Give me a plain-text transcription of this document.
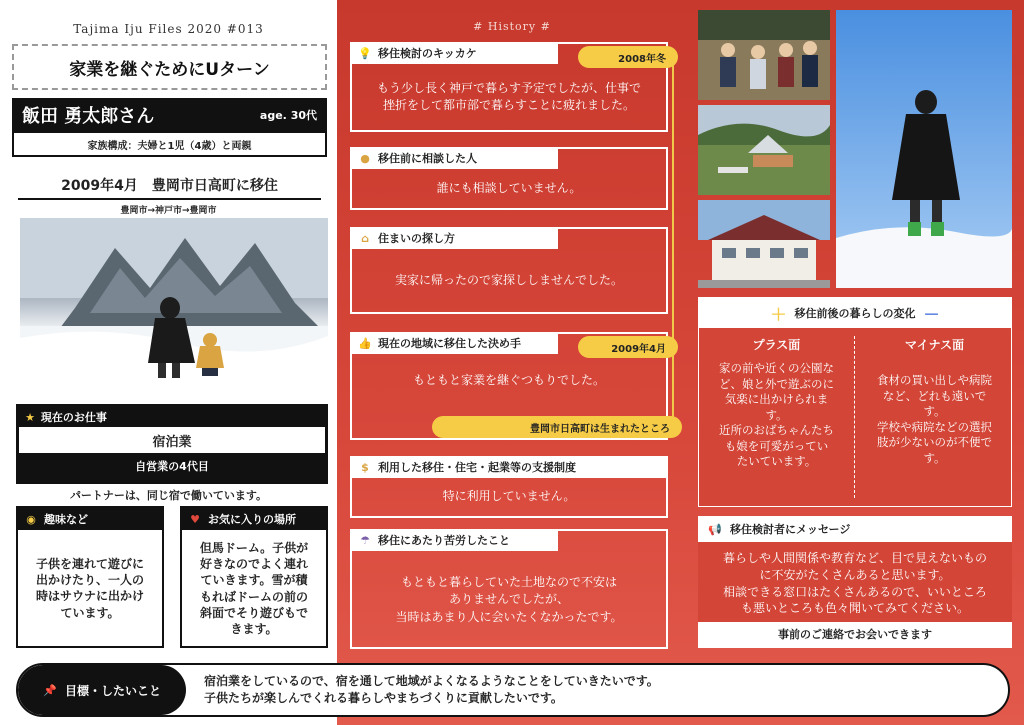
Tajima Iju Files 2020 #013
家業を継ぐためにUターン
飯田 勇太郎さん	age. 30代
家族構成：夫婦と1児（4歳）と両親
2009年4月　豊岡市日高町に移住
豊岡市→神戸市→豊岡市
★ 現在のお仕事
宿泊業
自営業の4代目
パートナーは、同じ宿で働いています。
◉ 趣味など
子供を連れて遊びに
出かけたり、一人の
時はサウナに出かけ
ています。
♥ お気に入りの場所
但馬ドーム。子供が
好きなのでよく連れ
ていきます。雪が積
もればドームの前の
斜面でそり遊びもで
きます。
# History #
💡 移住検討のキッカケ
もう少し長く神戸で暮らす予定でしたが、仕事で
挫折をして都市部で暮らすことに疲れました。
● 移住前に相談した人
誰にも相談していません。
⌂ 住まいの探し方
実家に帰ったので家探ししませんでした。
👍 現在の地域に移住した決め手
もともと家業を継ぐつもりでした。
$ 利用した移住・住宅・起業等の支援制度
特に利用していません。
☂ 移住にあたり苦労したこと
もともと暮らしていた土地なので不安は
ありませんでしたが、
当時はあまり人に会いたくなかったです。
2008年冬
2009年4月
豊岡市日高町は生まれたところ
＋ 移住前後の暮らしの変化 －
プラス面
家の前や近くの公園な
ど、娘と外で遊ぶのに
気楽に出かけられま
す。
近所のおばちゃんたち
も娘を可愛がってい
たいています。
マイナス面
食材の買い出しや病院
など、どれも遠いで
す。
学校や病院などの選択
肢が少ないのが不便で
す。
📢 移住検討者にメッセージ
暮らしや人間関係や教育など、目で見えないもの
に不安がたくさんあると思います。
相談できる窓口はたくさんあるので、いいところ
も悪いところも色々聞いてみてください。
事前のご連絡でお会いできます
📌 目標・したいこと
宿泊業をしているので、宿を通して地域がよくなるようなことをしていきたいです。
子供たちが楽しんでくれる暮らしやまちづくりに貢献したいです。
